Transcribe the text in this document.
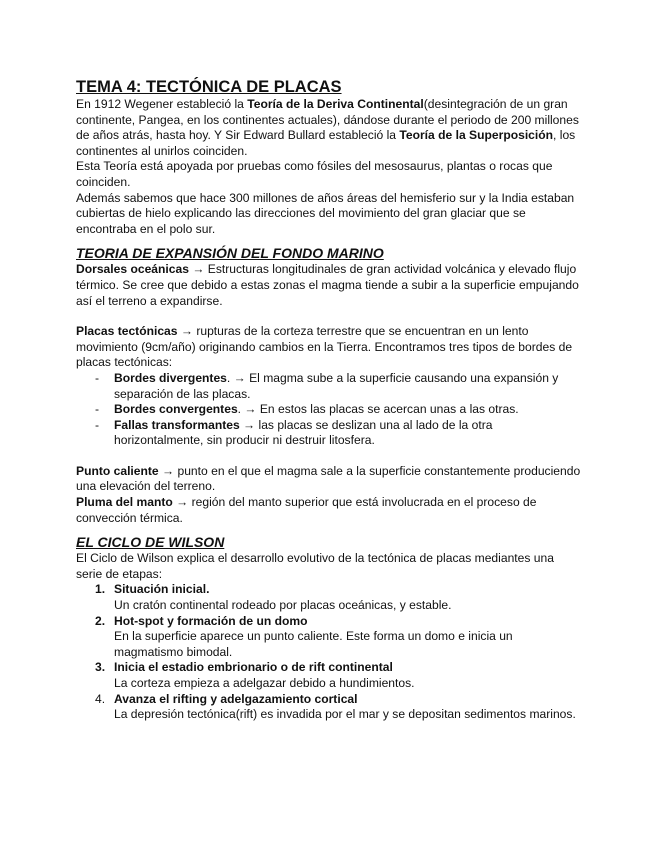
TEMA 4: TECTÓNICA DE PLACAS

En 1912 Wegener estableció la Teoría de la Deriva Continental(desintegración de un gran continente, Pangea, en los continentes actuales), dándose durante el periodo de 200 millones de años atrás, hasta hoy. Y Sir Edward Bullard estableció la Teoría de la Superposición, los continentes al unirlos coinciden.

Esta Teoría está apoyada por pruebas como fósiles del mesosaurus, plantas o rocas que coinciden.

Además sabemos que hace 300 millones de años áreas del hemisferio sur y la India estaban cubiertas de hielo explicando las direcciones del movimiento del gran glaciar que se encontraba en el polo sur.

TEORIA DE EXPANSIÓN DEL FONDO MARINO

Dorsales oceánicas → Estructuras longitudinales de gran actividad volcánica y elevado flujo térmico. Se cree que debido a estas zonas el magma tiende a subir a la superficie empujando así el terreno a expandirse.

Placas tectónicas → rupturas de la corteza terrestre que se encuentran en un lento movimiento (9cm/año) originando cambios en la Tierra. Encontramos tres tipos de bordes de placas tectónicas:

- Bordes divergentes. → El magma sube a la superficie causando una expansión y separación de las placas.
- Bordes convergentes. → En estos las placas se acercan unas a las otras.
- Fallas transformantes → las placas se deslizan una al lado de la otra horizontalmente, sin producir ni destruir litosfera.

Punto caliente → punto en el que el magma sale a la superficie constantemente produciendo una elevación del terreno.

Pluma del manto → región del manto superior que está involucrada en el proceso de convección térmica.

EL CICLO DE WILSON

El Ciclo de Wilson explica el desarrollo evolutivo de la tectónica de placas mediantes una serie de etapas:

1. Situación inicial.
Un cratón continental rodeado por placas oceánicas, y estable.
2. Hot-spot y formación de un domo
En la superficie aparece un punto caliente. Este forma un domo e inicia un magmatismo bimodal.
3. Inicia el estadio embrionario o de rift continental
La corteza empieza a adelgazar debido a hundimientos.
4. Avanza el rifting y adelgazamiento cortical
La depresión tectónica(rift) es invadida por el mar y se depositan sedimentos marinos.
